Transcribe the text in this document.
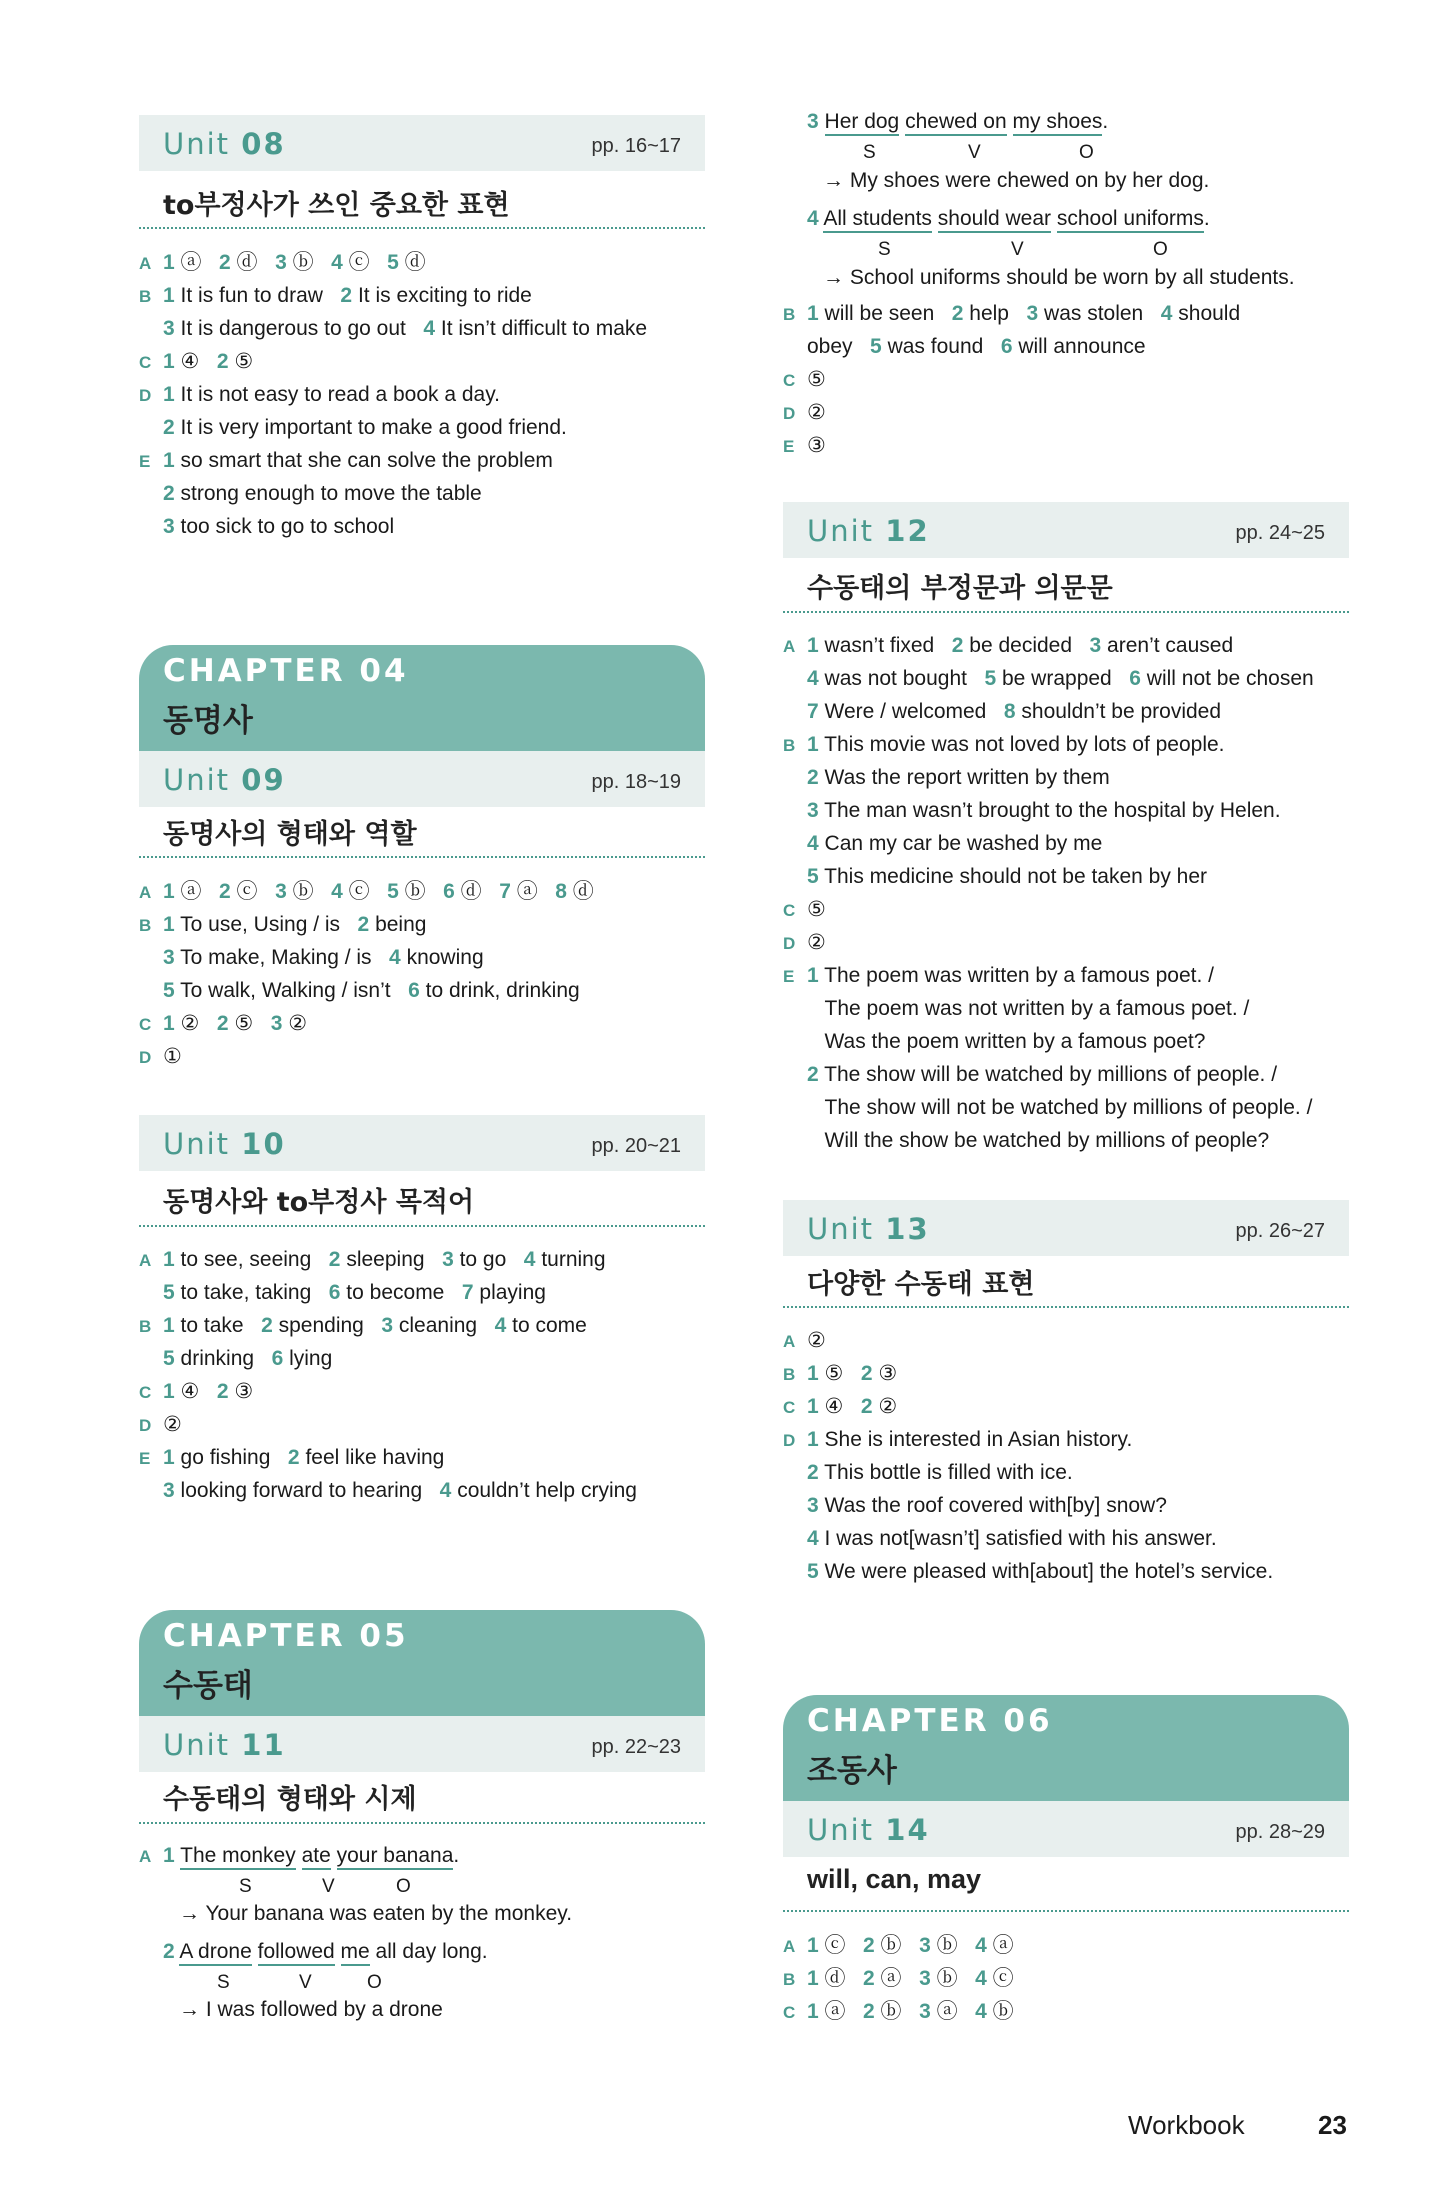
Unit 08	pp. 16~17
to부정사가 쓰인 중요한 표현
A 1 ⓐ   2 ⓓ   3 ⓑ   4 ⓒ   5 ⓓ
B 1 It is fun to draw   2 It is exciting to ride
3 It is dangerous to go out   4 It isn’t difficult to make
C 1 ④   2 ⑤
D 1 It is not easy to read a book a day.
2 It is very important to make a good friend.
E 1 so smart that she can solve the problem
2 strong enough to move the table
3 too sick to go to school
CHAPTER 04
동명사
Unit 09	pp. 18~19
동명사의 형태와 역할
A 1 ⓐ   2 ⓒ   3 ⓑ   4 ⓒ   5 ⓑ   6 ⓓ   7 ⓐ   8 ⓓ
B 1 To use, Using / is   2 being
3 To make, Making / is   4 knowing
5 To walk, Walking / isn’t   6 to drink, drinking
C 1 ②   2 ⑤   3 ②
D ①
Unit 10	pp. 20~21
동명사와 to부정사 목적어
A 1 to see, seeing   2 sleeping   3 to go   4 turning
5 to take, taking   6 to become   7 playing
B 1 to take   2 spending   3 cleaning   4 to come
5 drinking   6 lying
C 1 ④   2 ③
D ②
E 1 go fishing   2 feel like having
3 looking forward to hearing   4 couldn’t help crying
CHAPTER 05
수동태
Unit 11	pp. 22~23
수동태의 형태와 시제
A 1 The monkey ate your banana.
S	V	O
→ Your banana was eaten by the monkey.
2 A drone followed me all day long.
S	V	O
→ I was followed by a drone
3 Her dog chewed on my shoes.
S	V	O
→ My shoes were chewed on by her dog.
4 All students should wear school uniforms.
S	V	O
→ School uniforms should be worn by all students.
B 1 will be seen   2 help   3 was stolen   4 should
obey   5 was found   6 will announce
C ⑤
D ②
E ③
Unit 12	pp. 24~25
수동태의 부정문과 의문문
A 1 wasn’t fixed   2 be decided   3 aren’t caused
4 was not bought   5 be wrapped   6 will not be chosen
7 Were / welcomed   8 shouldn’t be provided
B 1 This movie was not loved by lots of people.
2 Was the report written by them
3 The man wasn’t brought to the hospital by Helen.
4 Can my car be washed by me
5 This medicine should not be taken by her
C ⑤
D ②
E 1 The poem was written by a famous poet. /
The poem was not written by a famous poet. /
Was the poem written by a famous poet?
2 The show will be watched by millions of people. /
The show will not be watched by millions of people. /
Will the show be watched by millions of people?
Unit 13	pp. 26~27
다양한 수동태 표현
A ②
B 1 ⑤   2 ③
C 1 ④   2 ②
D 1 She is interested in Asian history.
2 This bottle is filled with ice.
3 Was the roof covered with[by] snow?
4 I was not[wasn’t] satisfied with his answer.
5 We were pleased with[about] the hotel’s service.
CHAPTER 06
조동사
Unit 14	pp. 28~29
will, can, may
A 1 ⓒ   2 ⓑ   3 ⓑ   4 ⓐ
B 1 ⓓ   2 ⓐ   3 ⓑ   4 ⓒ
C 1 ⓐ   2 ⓑ   3 ⓐ   4 ⓑ
Workbook	23
